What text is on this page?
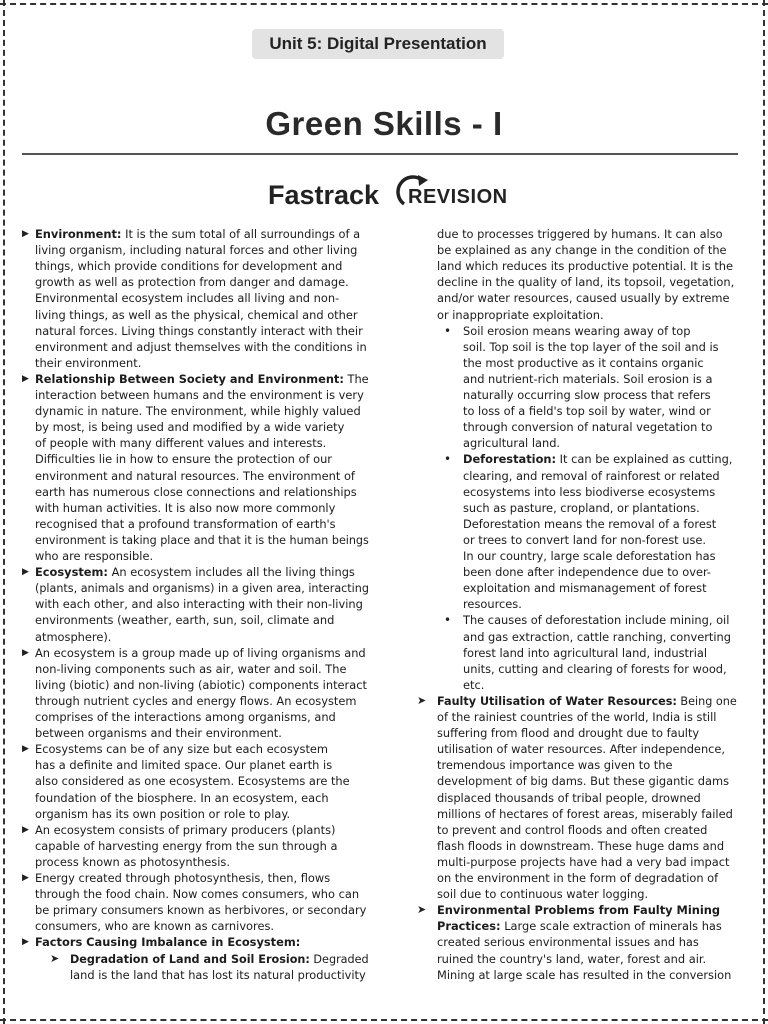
Unit 5: Digital Presentation
Green Skills - I
Fastrack REVISION
Environment: It is the sum total of all surroundings of a
▶
living organism, including natural forces and other living
things, which provide conditions for development and
growth as well as protection from danger and damage.
Environmental ecosystem includes all living and non-
living things, as well as the physical, chemical and other
natural forces. Living things constantly interact with their
environment and adjust themselves with the conditions in
their environment.
Relationship Between Society and Environment: The
▶
interaction between humans and the environment is very
dynamic in nature. The environment, while highly valued
by most, is being used and modified by a wide variety
of people with many different values and interests.
Difficulties lie in how to ensure the protection of our
environment and natural resources. The environment of
earth has numerous close connections and relationships
with human activities. It is also now more commonly
recognised that a profound transformation of earth's
environment is taking place and that it is the human beings
who are responsible.
Ecosystem: An ecosystem includes all the living things
▶
(plants, animals and organisms) in a given area, interacting
with each other, and also interacting with their non-living
environments (weather, earth, sun, soil, climate and
atmosphere).
An ecosystem is a group made up of living organisms and
▶
non-living components such as air, water and soil. The
living (biotic) and non-living (abiotic) components interact
through nutrient cycles and energy flows. An ecosystem
comprises of the interactions among organisms, and
between organisms and their environment.
Ecosystems can be of any size but each ecosystem
▶
has a definite and limited space. Our planet earth is
also considered as one ecosystem. Ecosystems are the
foundation of the biosphere. In an ecosystem, each
organism has its own position or role to play.
An ecosystem consists of primary producers (plants)
▶
capable of harvesting energy from the sun through a
process known as photosynthesis.
Energy created through photosynthesis, then, flows
▶
through the food chain. Now comes consumers, who can
be primary consumers known as herbivores, or secondary
consumers, who are known as carnivores.
Factors Causing Imbalance in Ecosystem:
▶
Degradation of Land and Soil Erosion: Degraded
➤
land is the land that has lost its natural productivity
due to processes triggered by humans. It can also
be explained as any change in the condition of the
land which reduces its productive potential. It is the
decline in the quality of land, its topsoil, vegetation,
and/or water resources, caused usually by extreme
or inappropriate exploitation.
Soil erosion means wearing away of top
•
soil. Top soil is the top layer of the soil and is
the most productive as it contains organic
and nutrient-rich materials. Soil erosion is a
naturally occurring slow process that refers
to loss of a field's top soil by water, wind or
through conversion of natural vegetation to
agricultural land.
Deforestation: It can be explained as cutting,
•
clearing, and removal of rainforest or related
ecosystems into less biodiverse ecosystems
such as pasture, cropland, or plantations.
Deforestation means the removal of a forest
or trees to convert land for non-forest use.
In our country, large scale deforestation has
been done after independence due to over-
exploitation and mismanagement of forest
resources.
The causes of deforestation include mining, oil
•
and gas extraction, cattle ranching, converting
forest land into agricultural land, industrial
units, cutting and clearing of forests for wood,
etc.
Faulty Utilisation of Water Resources: Being one
➤
of the rainiest countries of the world, India is still
suffering from flood and drought due to faulty
utilisation of water resources. After independence,
tremendous importance was given to the
development of big dams. But these gigantic dams
displaced thousands of tribal people, drowned
millions of hectares of forest areas, miserably failed
to prevent and control floods and often created
flash floods in downstream. These huge dams and
multi-purpose projects have had a very bad impact
on the environment in the form of degradation of
soil due to continuous water logging.
Environmental Problems from Faulty Mining
➤
Practices: Large scale extraction of minerals has
created serious environmental issues and has
ruined the country's land, water, forest and air.
Mining at large scale has resulted in the conversion
